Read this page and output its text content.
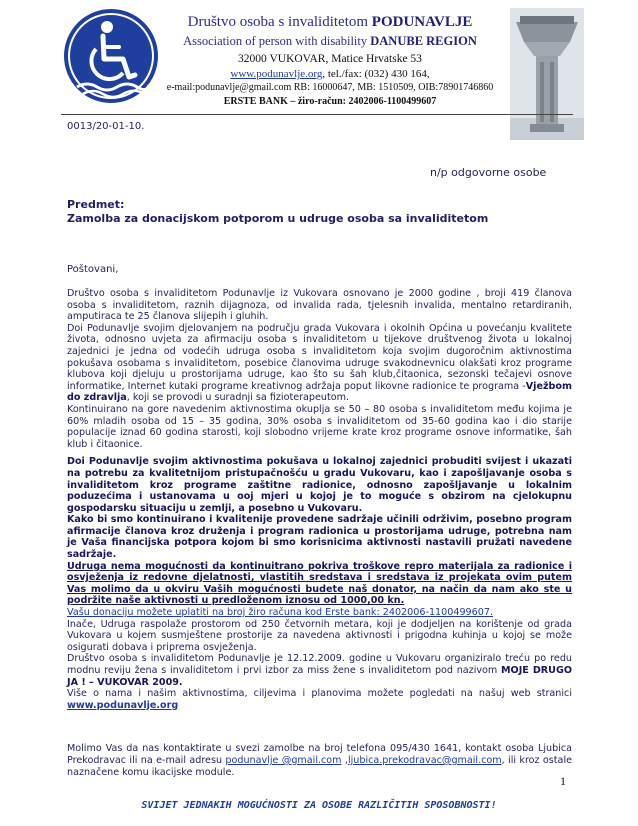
Društvo osoba s invaliditetom PODUNAVLJE
Association of person with disability DANUBE REGION
32000 VUKOVAR, Matice Hrvatske 53
www.podunavlje.org, tel./fax: (032) 430 164,
e-mail:podunavlje@gmail.com RB: 16000647, MB: 1510509, OIB:78901746860
ERSTE BANK – žiro-račun: 2402006-1100499607
0013/20-01-10.
n/p odgovorne osobe
Predmet:
Zamolba za donacijskom potporom u udruge osoba sa invaliditetom
Poštovani,

Društvo osoba s invaliditetom Podunavlje iz Vukovara osnovano je 2000 godine , broji 419 članova osoba s invaliditetom, raznih dijagnoza, od invalida rada, tjelesnih invalida, mentalno retardiranih, amputiraca te 25 članova slijepih i gluhih.

Doi Podunavlje svojim djelovanjem na području grada Vukovara i okolnih Općina u povećanju kvalitete života, odnosno uvjeta za afirmaciju osoba s invaliditetom u tijekove društvenog života u lokalnoj zajednici je jedna od vodećih udruga osoba s invaliditetom koja svojim dugoročnim aktivnostima pokušava osobama s invaliditetom, posebice članovima udruge svakodnevnicu olakšati kroz programe klubova koji djeluju u prostorijama udruge, kao što su šah klub,čitaonica, sezonski tečajevi osnove informatike, Internet kutaki programe kreativnog adržaja poput likovne radionice te programa -Vježbom do zdravlja, koji se provodi u suradnji sa fizioterapeutom.

Kontinuirano na gore navedenim aktivnostima okuplja se 50 – 80 osoba s invaliditetom među kojima je 60% mladih osoba od 15 – 35 godina, 30% osoba s invaliditetom od 35-60 godina kao i dio starije populacije iznad 60 godina starosti, koji slobodno vrijeme krate kroz programe osnove informatike, šah klub i čitaonice.

Doi Podunavlje svojim aktivnostima pokušava u lokalnoj zajednici probuditi svijest i ukazati na potrebu za kvalitetnijom pristupačnošću u gradu Vukovaru, kao i zapošljavanje osoba s invaliditetom kroz programe zaštitne radionice, odnosno zapošljavanje u lokalnim poduzećima i ustanovama u ooj mjeri u kojoj je to moguće s obzirom na cjelokupnu gospodarsku situaciju u zemlji, a posebno u Vukovaru.

Kako bi smo kontinuirano i kvalitenije provedene sadržaje učinili održivim, posebno program afirmacije članova kroz druženja i program radionica u prostorijama udruge, potrebna nam je Vaša financijska potpora kojom bi smo korisnicima aktivnosti nastavili pružati navedene sadržaje.

Udruga nema mogućnosti da kontinuitrano pokriva troškove repro materijala za radionice i osvježenja iz redovne djelatnosti, vlastitih sredstava i sredstava iz projekata ovim putem Vas molimo da u okviru Vaših mogućnosti budete naš donator, na način da nam ako ste u podržite naše aktivnosti u predloženom iznosu od 1000,00 kn.

Vašu donaciju možete uplatiti na broj žiro računa kod Erste bank: 2402006-1100499607.

Inače, Udruga raspolaže prostorom od 250 četvornih metara, koji je dodjeljen na korištenje od grada Vukovara u kojem susmještene prostorije za navedena aktivnosti i prigodna kuhinja u kojoj se može osigurati dobava i priprema osvježenja.

Društvo osoba s invaliditetom Podunavlje je 12.12.2009. godine u Vukovaru organiziralo treću po redu modnu reviju žena s invaliditetom i prvi izbor za miss žene s invaliditetom pod nazivom MOJE DRUGO JA ! – VUKOVAR 2009.

Više o nama i našim aktivnostima, ciljevima i planovima možete pogledati na našuj web stranici www.podunavlje.org

Molimo Vas da nas kontaktirate u svezi zamolbe na broj telefona 095/430 1641, kontakt osoba Ljubica Prekodravac ili na e-mail adresu podunavlje @gmail.com ,ljubica.prekodravac@gmail.com, ili kroz ostale naznačene komu ikacijske module.
1
SVIJET JEDNAKIH MOGUĆNOSTI ZA OSOBE RAZLIČITIH SPOSOBNOSTI!
